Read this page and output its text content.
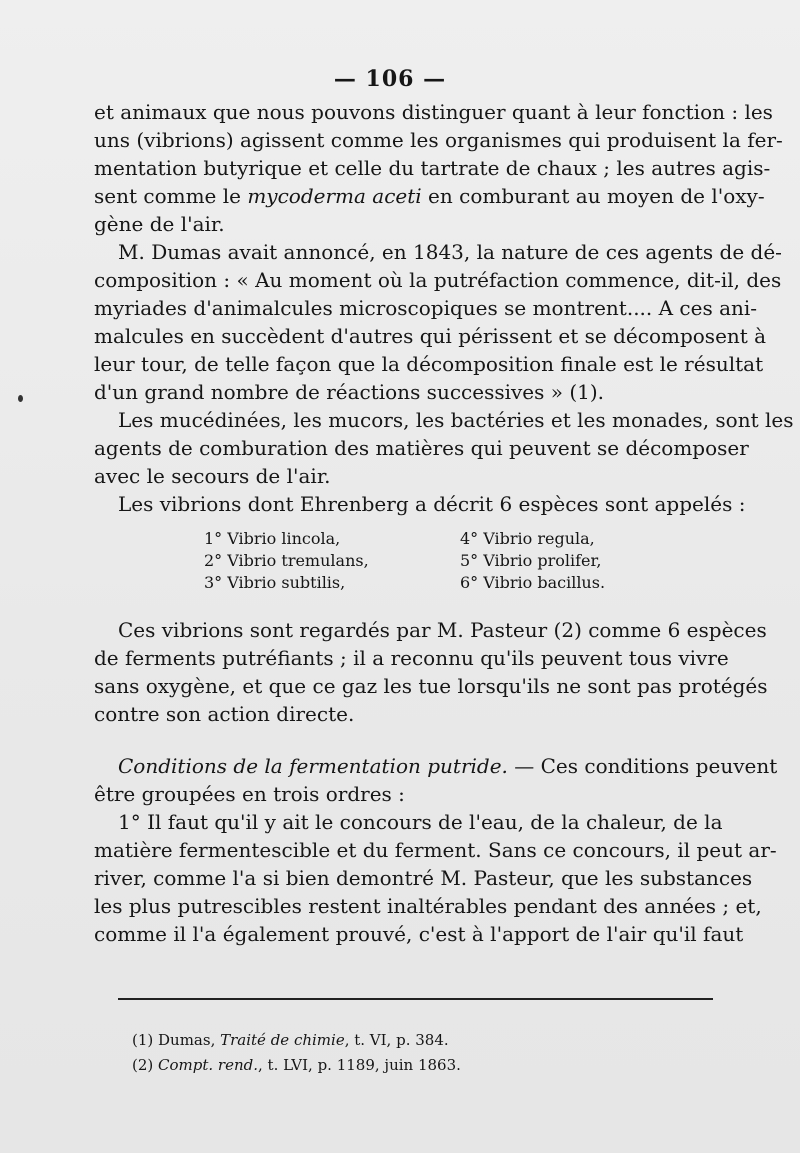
— 106 —
et animaux que nous pouvons distinguer quant à leur fonction : les
uns (vibrions) agissent comme les organismes qui produisent la fer-
mentation butyrique et celle du tartrate de chaux ; les autres agis-
sent comme le mycoderma aceti en comburant au moyen de l'oxy-
gène de l'air.
M. Dumas avait annoncé, en 1843, la nature de ces agents de dé-
composition : « Au moment où la putréfaction commence, dit-il, des
myriades d'animalcules microscopiques se montrent.... A ces ani-
malcules en succèdent d'autres qui périssent et se décomposent à
leur tour, de telle façon que la décomposition finale est le résultat
d'un grand nombre de réactions successives » (1).
Les mucédinées, les mucors, les bactéries et les monades, sont les
agents de comburation des matières qui peuvent se décomposer
avec le secours de l'air.
Les vibrions dont Ehrenberg a décrit 6 espèces sont appelés :
1° Vibrio lincola,	4° Vibrio regula,
2° Vibrio tremulans,	5° Vibrio prolifer,
3° Vibrio subtilis,	6° Vibrio bacillus.
Ces vibrions sont regardés par M. Pasteur (2) comme 6 espèces
de ferments putréfiants ; il a reconnu qu'ils peuvent tous vivre
sans oxygène, et que ce gaz les tue lorsqu'ils ne sont pas protégés
contre son action directe.
Conditions de la fermentation putride. — Ces conditions peuvent
être groupées en trois ordres :
1° Il faut qu'il y ait le concours de l'eau, de la chaleur, de la
matière fermentescible et du ferment. Sans ce concours, il peut ar-
river, comme l'a si bien demontré M. Pasteur, que les substances
les plus putrescibles restent inaltérables pendant des années ; et,
comme il l'a également prouvé, c'est à l'apport de l'air qu'il faut
(1) Dumas, Traité de chimie, t. VI, p. 384.
(2) Compt. rend., t. LVI, p. 1189, juin 1863.
